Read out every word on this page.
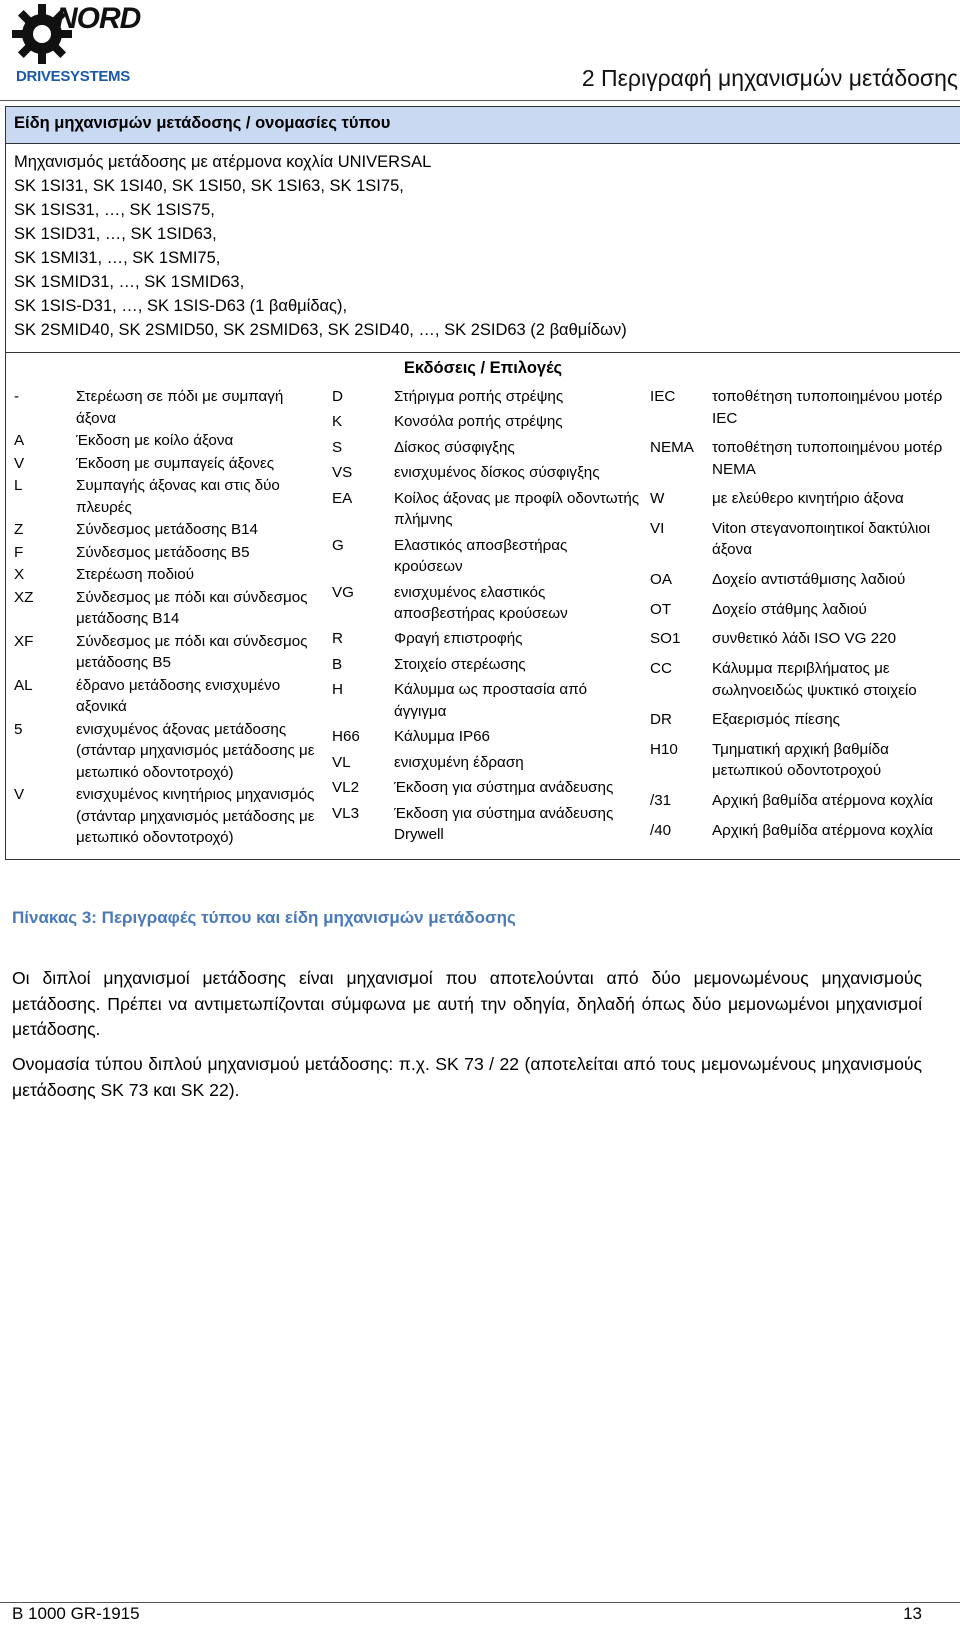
NORD
DRIVESYSTEMS	2 Περιγραφή μηχανισμών μετάδοσης
Είδη μηχανισμών μετάδοσης / ονομασίες τύπου

Μηχανισμός μετάδοσης με ατέρμονα κοχλία UNIVERSAL
SK 1SI31, SK 1SI40, SK 1SI50, SK 1SI63, SK 1SI75,
SK 1SIS31, …, SK 1SIS75,
SK 1SID31, …, SK 1SID63,
SK 1SMI31, …, SK 1SMI75,
SK 1SMID31, …, SK 1SMID63,
SK 1SIS-D31, …, SK 1SIS-D63 (1 βαθμίδας),
SK 2SMID40, SK 2SMID50, SK 2SMID63, SK 2SID40, …, SK 2SID63 (2 βαθμίδων)

Εκδόσεις / Επιλογές

-	Στερέωση σε πόδι με συμπαγή άξονα
A	Έκδοση με κοίλο άξονα
V	Έκδοση με συμπαγείς άξονες
L	Συμπαγής άξονας και στις δύο πλευρές
Z	Σύνδεσμος μετάδοσης B14
F	Σύνδεσμος μετάδοσης B5
X	Στερέωση ποδιού
XZ	Σύνδεσμος με πόδι και σύνδεσμος μετάδοσης B14
XF	Σύνδεσμος με πόδι και σύνδεσμος μετάδοσης B5
AL	έδρανο μετάδοσης ενισχυμένο αξονικά
5	ενισχυμένος άξονας μετάδοσης (στάνταρ μηχανισμός μετάδοσης με μετωπικό οδοντοτροχό)
V	ενισχυμένος κινητήριος μηχανισμός (στάνταρ μηχανισμός μετάδοσης με μετωπικό οδοντοτροχό)
D	Στήριγμα ροπής στρέψης
K	Κονσόλα ροπής στρέψης
S	Δίσκος σύσφιγξης
VS	ενισχυμένος δίσκος σύσφιγξης
EA	Κοίλος άξονας με προφίλ οδοντωτής πλήμνης
G	Ελαστικός αποσβεστήρας κρούσεων
VG	ενισχυμένος ελαστικός αποσβεστήρας κρούσεων
R	Φραγή επιστροφής
B	Στοιχείο στερέωσης
H	Κάλυμμα ως προστασία από άγγιγμα
H66	Κάλυμμα IP66
VL	ενισχυμένη έδραση
VL2	Έκδοση για σύστημα ανάδευσης
VL3	Έκδοση για σύστημα ανάδευσης Drywell
IEC	τοποθέτηση τυποποιημένου μοτέρ IEC
NEMA	τοποθέτηση τυποποιημένου μοτέρ NEMA
W	με ελεύθερο κινητήριο άξονα
VI	Viton στεγανοποιητικοί δακτύλιοι άξονα
OA	Δοχείο αντιστάθμισης λαδιού
OT	Δοχείο στάθμης λαδιού
SO1	συνθετικό λάδι ISO VG 220
CC	Κάλυμμα περιβλήματος με σωληνοειδώς ψυκτικό στοιχείο
DR	Εξαερισμός πίεσης
H10	Τμηματική αρχική βαθμίδα μετωπικού οδοντοτροχού
/31	Αρχική βαθμίδα ατέρμονα κοχλία
/40	Αρχική βαθμίδα ατέρμονα κοχλία
Πίνακας 3: Περιγραφές τύπου και είδη μηχανισμών μετάδοσης
Οι διπλοί μηχανισμοί μετάδοσης είναι μηχανισμοί που αποτελούνται από δύο μεμονωμένους μηχανισμούς μετάδοσης. Πρέπει να αντιμετωπίζονται σύμφωνα με αυτή την οδηγία, δηλαδή όπως δύο μεμονωμένοι μηχανισμοί μετάδοσης.
Ονομασία τύπου διπλού μηχανισμού μετάδοσης: π.χ. SK 73 / 22 (αποτελείται από τους μεμονωμένους μηχανισμούς μετάδοσης SK 73 και SK 22).
B 1000 GR-1915	13
